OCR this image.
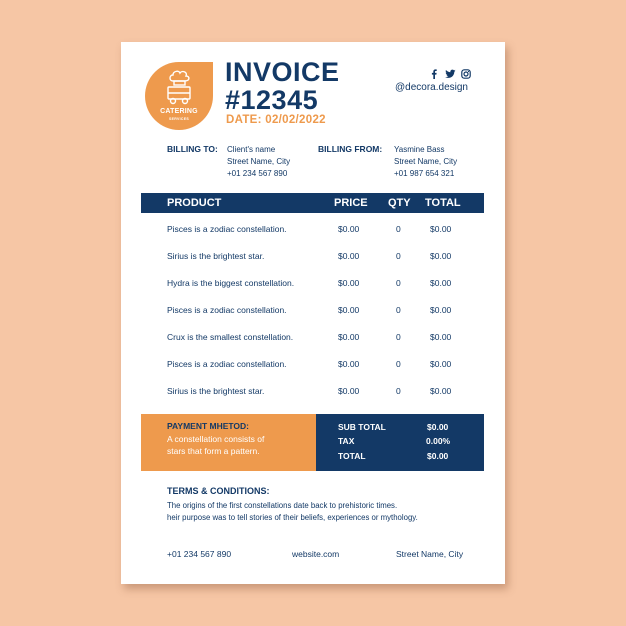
CATERING
SERVICES
INVOICE
#12345
DATE: 02/02/2022
@decora.design
BILLING TO: Client's name
Street Name, City
+01 234 567 890
BILLING FROM: Yasmine Bass
Street Name, City
+01 987 654 321
PRODUCT	PRICE QTY TOTAL
Pisces is a zodiac constellation.	$0.00	0	$0.00
Sirius is the brightest star.	$0.00	0	$0.00
Hydra is the biggest constellation.	$0.00	0	$0.00
Pisces is a zodiac constellation.	$0.00	0	$0.00
Crux is the smallest constellation.	$0.00	0	$0.00
Pisces is a zodiac constellation.	$0.00	0	$0.00
Sirius is the brightest star.	$0.00	0	$0.00
PAYMENT MHETOD:
A constellation consists of
stars that form a pattern.
SUB TOTAL	$0.00
TAX	0.00%
TOTAL	$0.00
TERMS & CONDITIONS:
The origins of the first constellations date back to prehistoric times.
heir purpose was to tell stories of their beliefs, experiences or mythology.
+01 234 567 890	website.com	Street Name, City
